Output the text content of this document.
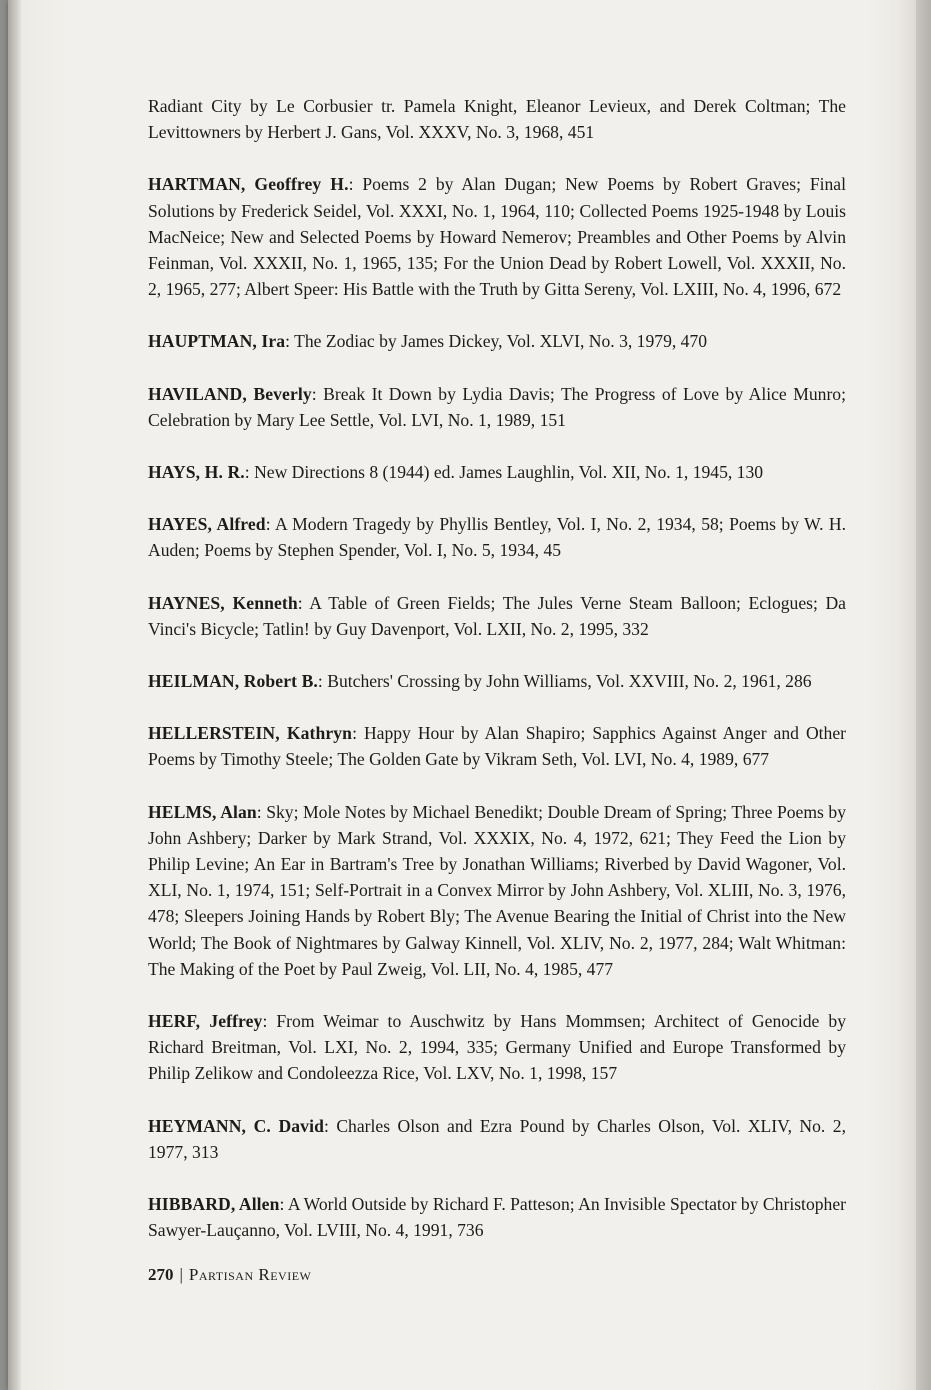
Radiant City by Le Corbusier tr. Pamela Knight, Eleanor Levieux, and Derek Coltman; The Levittowners by Herbert J. Gans, Vol. XXXV, No. 3, 1968, 451

HARTMAN, Geoffrey H.: Poems 2 by Alan Dugan; New Poems by Robert Graves; Final Solutions by Frederick Seidel, Vol. XXXI, No. 1, 1964, 110; Collected Poems 1925-1948 by Louis MacNeice; New and Selected Poems by Howard Nemerov; Preambles and Other Poems by Alvin Feinman, Vol. XXXII, No. 1, 1965, 135; For the Union Dead by Robert Lowell, Vol. XXXII, No. 2, 1965, 277; Albert Speer: His Battle with the Truth by Gitta Sereny, Vol. LXIII, No. 4, 1996, 672

HAUPTMAN, Ira: The Zodiac by James Dickey, Vol. XLVI, No. 3, 1979, 470

HAVILAND, Beverly: Break It Down by Lydia Davis; The Progress of Love by Alice Munro; Celebration by Mary Lee Settle, Vol. LVI, No. 1, 1989, 151

HAYS, H. R.: New Directions 8 (1944) ed. James Laughlin, Vol. XII, No. 1, 1945, 130

HAYES, Alfred: A Modern Tragedy by Phyllis Bentley, Vol. I, No. 2, 1934, 58; Poems by W. H. Auden; Poems by Stephen Spender, Vol. I, No. 5, 1934, 45

HAYNES, Kenneth: A Table of Green Fields; The Jules Verne Steam Balloon; Eclogues; Da Vinci's Bicycle; Tatlin! by Guy Davenport, Vol. LXII, No. 2, 1995, 332

HEILMAN, Robert B.: Butchers' Crossing by John Williams, Vol. XXVIII, No. 2, 1961, 286

HELLERSTEIN, Kathryn: Happy Hour by Alan Shapiro; Sapphics Against Anger and Other Poems by Timothy Steele; The Golden Gate by Vikram Seth, Vol. LVI, No. 4, 1989, 677

HELMS, Alan: Sky; Mole Notes by Michael Benedikt; Double Dream of Spring; Three Poems by John Ashbery; Darker by Mark Strand, Vol. XXXIX, No. 4, 1972, 621; They Feed the Lion by Philip Levine; An Ear in Bartram's Tree by Jonathan Williams; Riverbed by David Wagoner, Vol. XLI, No. 1, 1974, 151; Self-Portrait in a Convex Mirror by John Ashbery, Vol. XLIII, No. 3, 1976, 478; Sleepers Joining Hands by Robert Bly; The Avenue Bearing the Initial of Christ into the New World; The Book of Nightmares by Galway Kinnell, Vol. XLIV, No. 2, 1977, 284; Walt Whitman: The Making of the Poet by Paul Zweig, Vol. LII, No. 4, 1985, 477

HERF, Jeffrey: From Weimar to Auschwitz by Hans Mommsen; Architect of Genocide by Richard Breitman, Vol. LXI, No. 2, 1994, 335; Germany Unified and Europe Transformed by Philip Zelikow and Condoleezza Rice, Vol. LXV, No. 1, 1998, 157

HEYMANN, C. David: Charles Olson and Ezra Pound by Charles Olson, Vol. XLIV, No. 2, 1977, 313

HIBBARD, Allen: A World Outside by Richard F. Patteson; An Invisible Spectator by Christopher Sawyer-Lauçanno, Vol. LVIII, No. 4, 1991, 736

270 | Partisan Review
